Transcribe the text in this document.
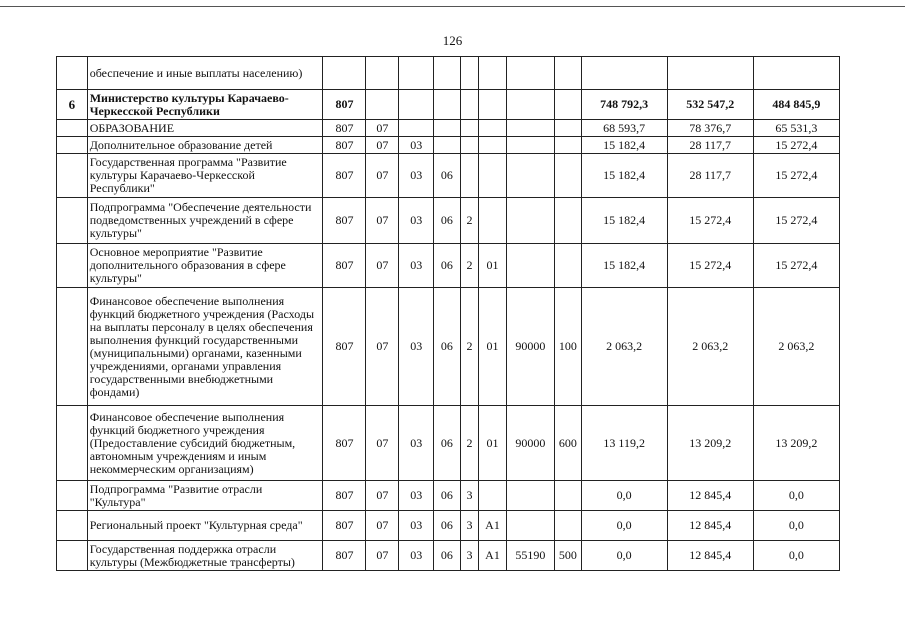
126
	обеспечение и иные выплаты населению)											
6	Министерство культуры Карачаево-Черкесской Республики	807								748 792,3	532 547,2	484 845,9
	ОБРАЗОВАНИЕ	807	07							68 593,7	78 376,7	65 531,3
	Дополнительное образование детей	807	07	03						15 182,4	28 117,7	15 272,4
	Государственная программа "Развитие культуры Карачаево-Черкесской Республики"	807	07	03	06					15 182,4	28 117,7	15 272,4
	Подпрограмма "Обеспечение деятельности подведомственных учреждений в сфере культуры"	807	07	03	06	2				15 182,4	15 272,4	15 272,4
	Основное мероприятие "Развитие дополнительного образования в сфере культуры"	807	07	03	06	2	01			15 182,4	15 272,4	15 272,4
	Финансовое обеспечение выполнения функций бюджетного учреждения (Расходы на выплаты персоналу в целях обеспечения выполнения функций государственными (муниципальными) органами, казенными учреждениями, органами управления государственными внебюджетными фондами)	807	07	03	06	2	01	90000	100	2 063,2	2 063,2	2 063,2
	Финансовое обеспечение выполнения функций бюджетного учреждения (Предоставление субсидий бюджетным, автономным учреждениям и иным некоммерческим организациям)	807	07	03	06	2	01	90000	600	13 119,2	13 209,2	13 209,2
	Подпрограмма "Развитие отрасли "Культура"	807	07	03	06	3				0,0	12 845,4	0,0
	Региональный проект "Культурная среда"	807	07	03	06	3	A1			0,0	12 845,4	0,0
	Государственная поддержка отрасли культуры (Межбюджетные трансферты)	807	07	03	06	3	A1	55190	500	0,0	12 845,4	0,0
